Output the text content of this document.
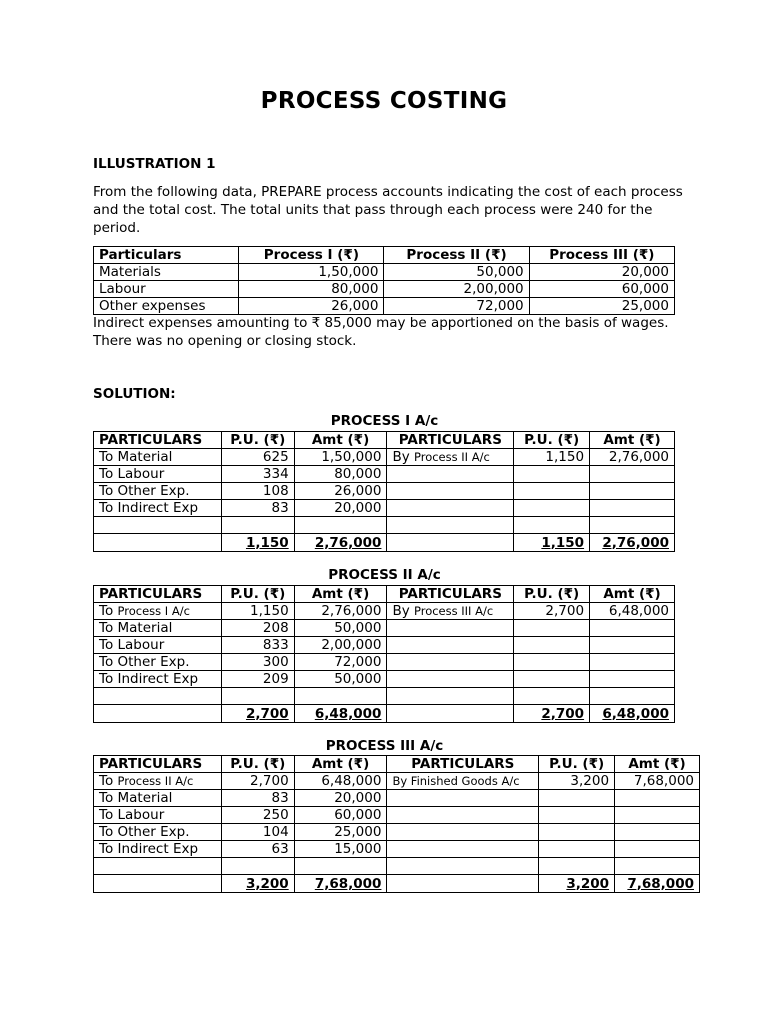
PROCESS COSTING
ILLUSTRATION 1
From the following data, PREPARE process accounts indicating the cost of each process and the total cost. The total units that pass through each process were 240 for the period.
Particulars	Process I (₹)	Process II (₹)	Process III (₹)
Materials	1,50,000	50,000	20,000
Labour	80,000	2,00,000	60,000
Other expenses	26,000	72,000	25,000
Indirect expenses amounting to ₹ 85,000 may be apportioned on the basis of wages. There was no opening or closing stock.
SOLUTION:
PROCESS I A/c
PARTICULARS	P.U. (₹)	Amt (₹)	PARTICULARS	P.U. (₹)	Amt (₹)
To Material	625	1,50,000	By Process II A/c	1,150	2,76,000
To Labour	334	80,000			
To Other Exp.	108	26,000			
To Indirect Exp	83	20,000			

	1,150	2,76,000		1,150	2,76,000
PROCESS II A/c
PARTICULARS	P.U. (₹)	Amt (₹)	PARTICULARS	P.U. (₹)	Amt (₹)
To Process I A/c	1,150	2,76,000	By Process III A/c	2,700	6,48,000
To Material	208	50,000			
To Labour	833	2,00,000			
To Other Exp.	300	72,000			
To Indirect Exp	209	50,000			

	2,700	6,48,000		2,700	6,48,000
PROCESS III A/c
PARTICULARS	P.U. (₹)	Amt (₹)	PARTICULARS	P.U. (₹)	Amt (₹)
To Process II A/c	2,700	6,48,000	By Finished Goods A/c	3,200	7,68,000
To Material	83	20,000			
To Labour	250	60,000			
To Other Exp.	104	25,000			
To Indirect Exp	63	15,000			

	3,200	7,68,000		3,200	7,68,000
